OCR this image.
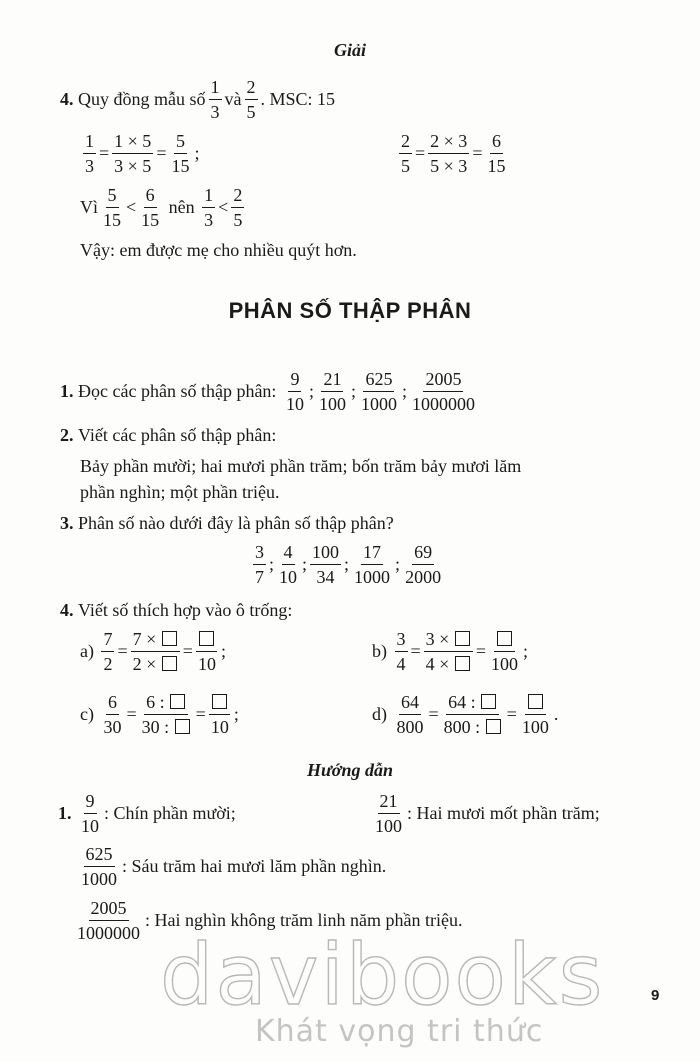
Giải
4.
Quy đồng mẫu số $\frac{1}{3}$ và $\frac{2}{5}$ . MSC: 15
$\frac{1}{3} = \frac{1 \times 5}{3 \times 5} = \frac{5}{15}$ ;	$\frac{2}{5} = \frac{2 \times 3}{5 \times 3} = \frac{6}{15}$
Vì $\frac{5}{15} < \frac{6}{15}$
nên
$\frac{1}{3} < \frac{2}{5}$
Vậy: em được mẹ cho nhiều quýt hơn.
PHÂN SỐ THẬP PHÂN
1.
Đọc các phân số thập phân:
$\frac{9}{10}$ ; $\frac{21}{100}$ ; $\frac{625}{1000}$ ; $\frac{2005}{1000000}$
2.
Viết các phân số thập phân:
Bảy phần mười; hai mươi phần trăm; bốn trăm bảy mươi lăm
phần nghìn; một phần triệu.
3.
Phân số nào dưới đây là phân số thập phân?
$\frac{3}{7}$ ; $\frac{4}{10}$ ; $\frac{100}{34}$ ; $\frac{17}{1000}$ ; $\frac{69}{2000}$
4.
Viết số thích hợp vào ô trống:
a)
$\frac{7}{2} = \frac{7 \times}{2 \times}$ =
10
;	b)
$\frac{3}{4} = \frac{3 \times}{4 \times}$ =
100
;
c)
$\frac{6}{30} = \frac{6 :}{30 :}$ =
10
;	d)
$\frac{64}{800} = \frac{64 :}{800 :}$ =
100
.
Hướng dẫn
1.
$\frac{9}{10}$ : Chín phần mười;	$\frac{21}{100}$ : Hai mươi mốt phần trăm;
$\frac{625}{1000}$ : Sáu trăm hai mươi lăm phần nghìn.
$\frac{2005}{1000000}$ : Hai nghìn không trăm linh năm phần triệu.
davibooks
Khát vọng tri thức
9
